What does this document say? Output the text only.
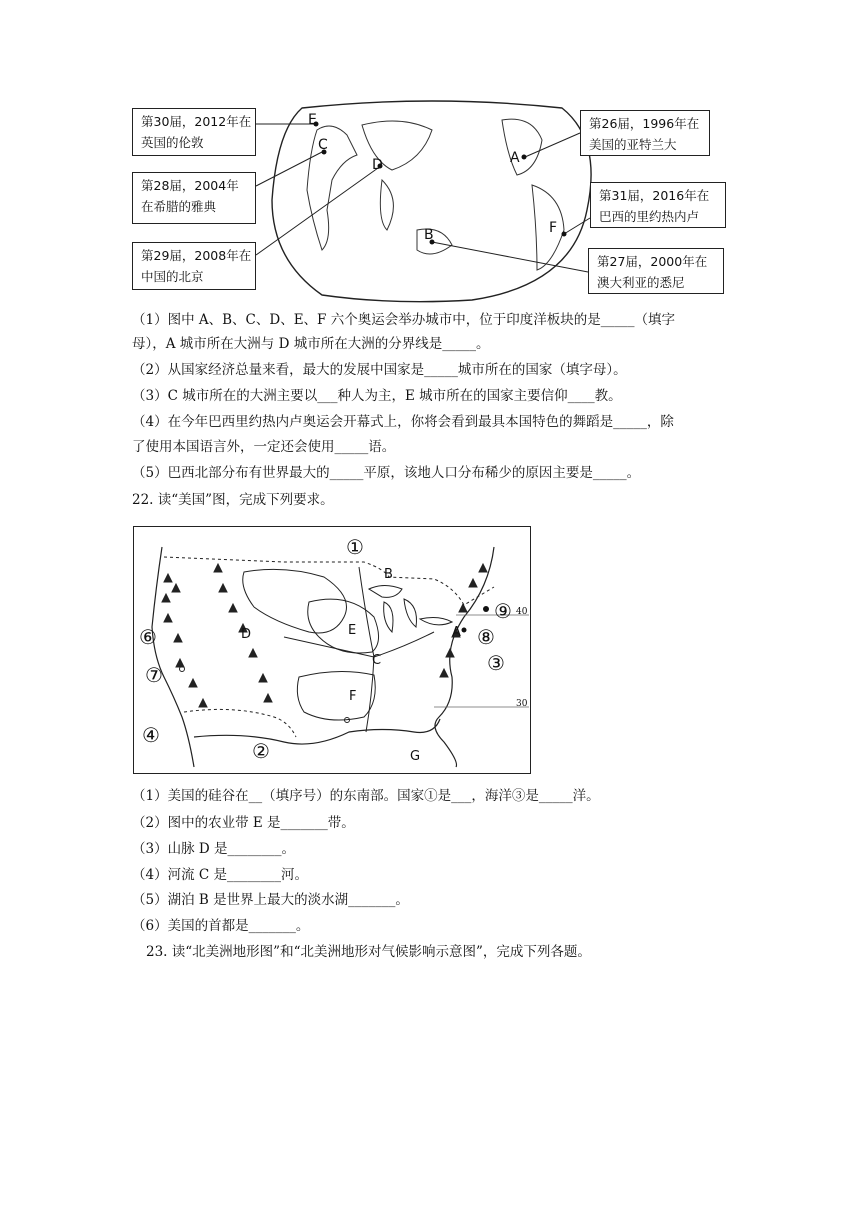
E
C
D	A
F
B
第30届，2012年在
英国的伦敦
第28届，2004年
在希腊的雅典
第29届，2008年在
中国的北京
第26届，1996年在
美国的亚特兰大
第31届，2016年在
巴西的里约热内卢
第27届，2000年在
澳大利亚的悉尼
（1）图中 A、B、C、D、E、F 六个奥运会举办城市中，位于印度洋板块的是_____（填字
母），A 城市所在大洲与 D 城市所在大洲的分界线是_____。
（2）从国家经济总量来看，最大的发展中国家是_____城市所在的国家（填字母）。
（3）C 城市所在的大洲主要以___种人为主，E 城市所在的国家主要信仰____教。
（4）在今年巴西里约热内卢奥运会开幕式上，你将会看到最具本国特色的舞蹈是_____，除
了使用本国语言外，一定还会使用_____语。
（5）巴西北部分布有世界最大的_____平原，该地人口分布稀少的原因主要是_____。
22. 读“美国”图，完成下列要求。
①
②
③
④
⑥
⑦
⑧
⑨
A
B
C
D	E
F
G
40
30
（1）美国的硅谷在__（填序号）的东南部。国家①是___，海洋③是_____洋。
（2）图中的农业带 E 是_______带。
（3）山脉 D 是________。
（4）河流 C 是________河。
（5）湖泊 B 是世界上最大的淡水湖_______。
（6）美国的首都是_______。
23. 读“北美洲地形图”和“北美洲地形对气候影响示意图”，完成下列各题。
